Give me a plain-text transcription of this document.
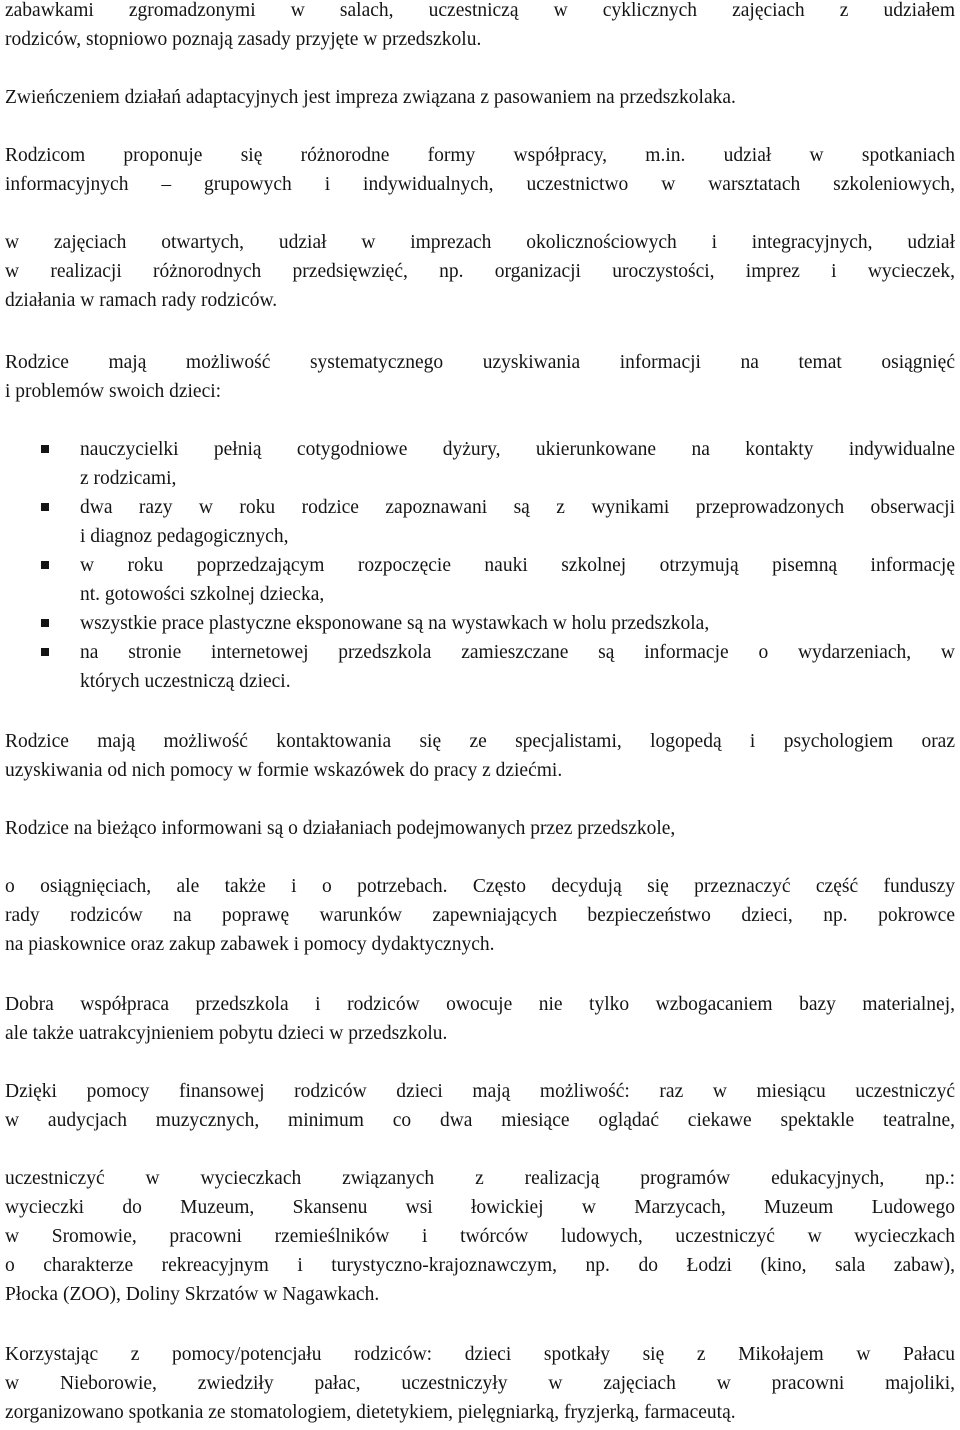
zabawkami zgromadzonymi w salach, uczestniczą w cyklicznych zajęciach z udziałem
rodziców, stopniowo poznają zasady przyjęte w przedszkolu.
Zwieńczeniem działań adaptacyjnych jest impreza związana z pasowaniem na przedszkolaka.
Rodzicom proponuje się różnorodne formy współpracy, m.in. udział w spotkaniach
informacyjnych – grupowych i indywidualnych, uczestnictwo w warsztatach szkoleniowych,
w zajęciach otwartych, udział w imprezach okolicznościowych i integracyjnych, udział
w realizacji różnorodnych przedsięwzięć, np. organizacji uroczystości, imprez i wycieczek,
działania w ramach rady rodziców.
Rodzice mają możliwość systematycznego uzyskiwania informacji na temat osiągnięć
i problemów swoich dzieci:
nauczycielki pełnią cotygodniowe dyżury, ukierunkowane na kontakty indywidualne
z rodzicami,
dwa razy w roku rodzice zapoznawani są z wynikami przeprowadzonych obserwacji
i diagnoz pedagogicznych,
w roku poprzedzającym rozpoczęcie nauki szkolnej otrzymują pisemną informację
nt. gotowości szkolnej dziecka,
wszystkie prace plastyczne eksponowane są na wystawkach w holu przedszkola,
na stronie internetowej przedszkola zamieszczane są informacje o wydarzeniach, w
których uczestniczą dzieci.
Rodzice mają możliwość kontaktowania się ze specjalistami, logopedą i psychologiem oraz
uzyskiwania od nich pomocy w formie wskazówek do pracy z dziećmi.
Rodzice na bieżąco informowani są o działaniach podejmowanych przez przedszkole,
o osiągnięciach, ale także i o potrzebach. Często decydują się przeznaczyć część funduszy
rady rodziców na poprawę warunków zapewniających bezpieczeństwo dzieci, np. pokrowce
na piaskownice oraz zakup zabawek i pomocy dydaktycznych.
Dobra współpraca przedszkola i rodziców owocuje nie tylko wzbogacaniem bazy materialnej,
ale także uatrakcyjnieniem pobytu dzieci w przedszkolu.
Dzięki pomocy finansowej rodziców dzieci mają możliwość: raz w miesiącu uczestniczyć
w audycjach muzycznych, minimum co dwa miesiące oglądać ciekawe spektakle teatralne,
uczestniczyć w wycieczkach związanych z realizacją programów edukacyjnych, np.:
wycieczki do Muzeum, Skansenu wsi łowickiej w Marzycach, Muzeum Ludowego
w Sromowie, pracowni rzemieślników i twórców ludowych, uczestniczyć w wycieczkach
o charakterze rekreacyjnym i turystyczno-krajoznawczym, np. do Łodzi (kino, sala zabaw),
Płocka (ZOO), Doliny Skrzatów w Nagawkach.
Korzystając z pomocy/potencjału rodziców: dzieci spotkały się z Mikołajem w Pałacu
w Nieborowie, zwiedziły pałac, uczestniczyły w zajęciach w pracowni majoliki,
zorganizowano spotkania ze stomatologiem, dietetykiem, pielęgniarką, fryzjerką, farmaceutą.
